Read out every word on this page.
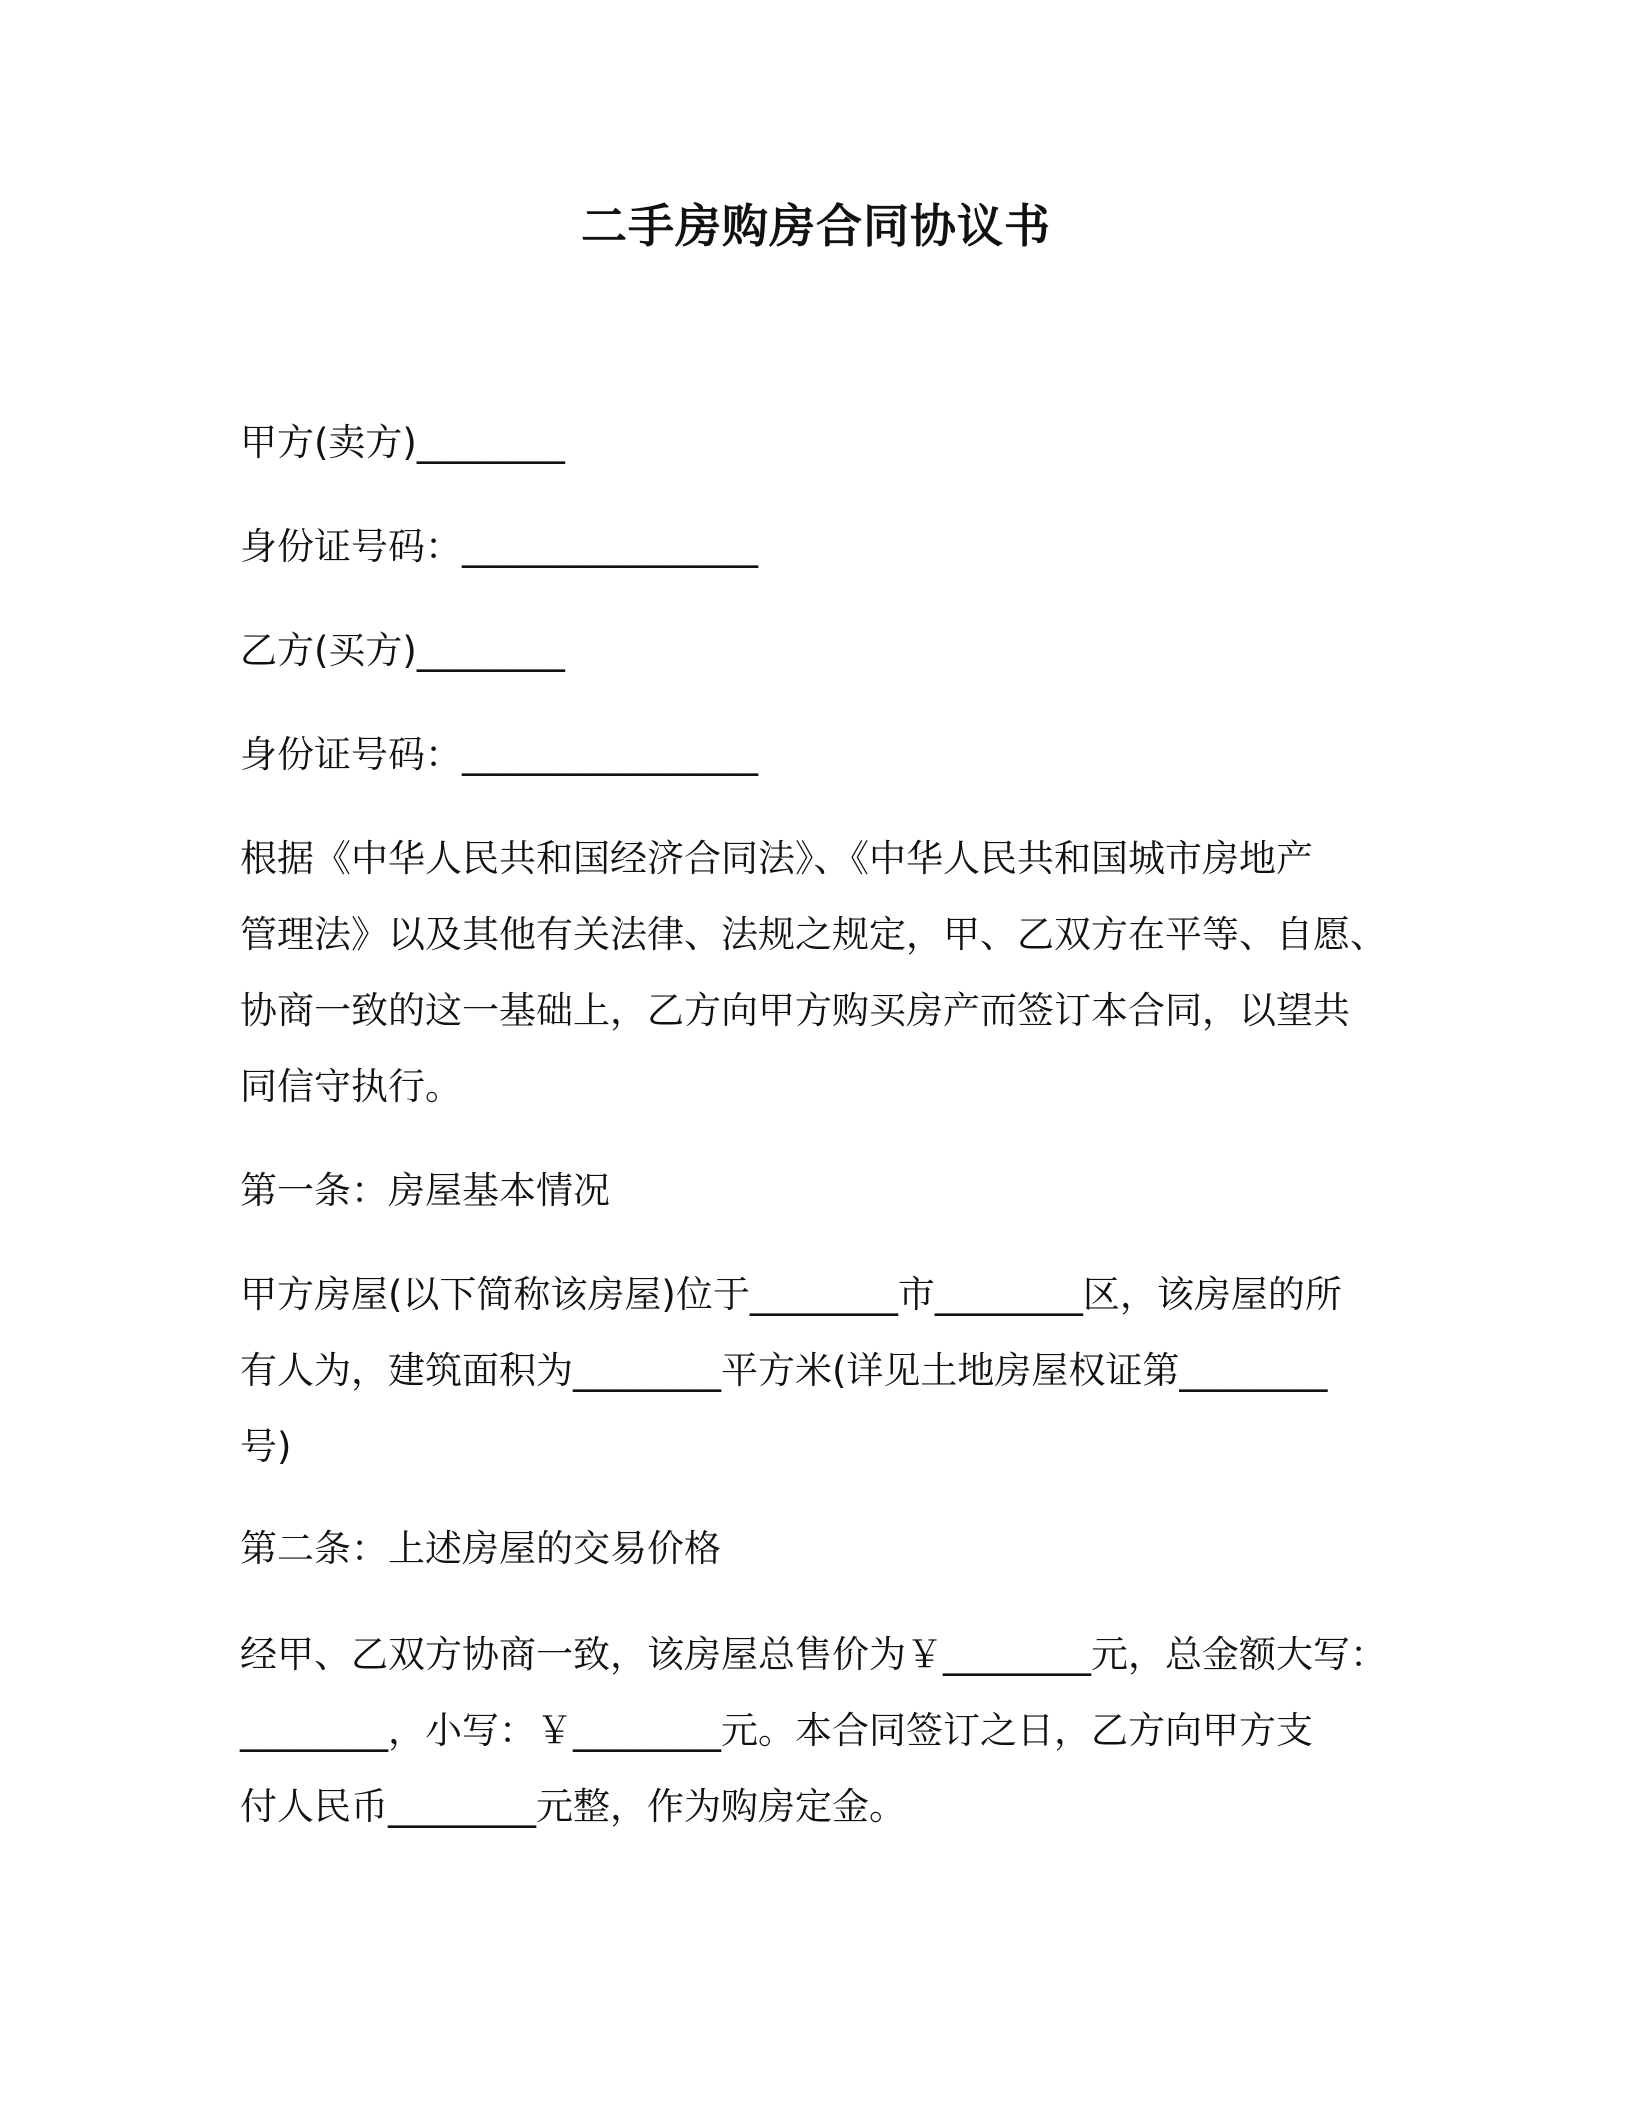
二手房购房合同协议书
甲方(卖方)________
身份证号码：________________
乙方(买方)________
身份证号码：________________
根据《中华人民共和国经济合同法》、《中华人民共和国城市房地产
管理法》以及其他有关法律、法规之规定，甲、乙双方在平等、自愿、
协商一致的这一基础上，乙方向甲方购买房产而签订本合同，以望共
同信守执行。
第一条：房屋基本情况
甲方房屋(以下简称该房屋)位于________市________区，该房屋的所
有人为，建筑面积为________平方米(详见土地房屋权证第________
号)
第二条：上述房屋的交易价格
经甲、乙双方协商一致，该房屋总售价为￥________元，总金额大写：
________，小写：￥________元。本合同签订之日，乙方向甲方支
付人民币________元整，作为购房定金。
